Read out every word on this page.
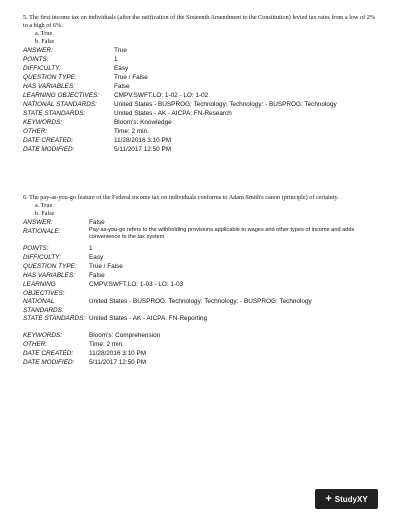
5. The first income tax on individuals (after the ratification of the Sixteenth Amendment to the Constitution) levied tax rates from a low of 2% to a high of 6%.

a. True
b. False
ANSWER:	True
POINTS:	1
DIFFICULTY:	Easy
QUESTION TYPE:	True / False
HAS VARIABLES:	False
LEARNING OBJECTIVES: CMPV.SWFT.LO: 1-02 - LO: 1-02
NATIONAL STANDARDS:	United States - BUSPROG: Technology: Technology: - BUSPROG: Technology
STATE STANDARDS:	United States - AK - AICPA: FN-Research
KEYWORDS:	Bloom's: Knowledge
OTHER:	Time: 2 min.
DATE CREATED:	11/28/2016 3:10 PM
DATE MODIFIED:	5/11/2017 12:50 PM

6. The pay-as-you-go feature of the Federal income tax on individuals conforms to Adam Smith's canon (principle) of certainty.

a. True
b. False
ANSWER:	False
RATIONALE:	Pay-as-you-go refers to the withholding provisions applicable to wages and other types of income and adds convenience to the tax system.
POINTS:	1
DIFFICULTY:	Easy
QUESTION TYPE:	True / False
HAS VARIABLES:	False
LEARNING OBJECTIVES:
CMPV.SWFT.LO: 1-03 - LO: 1-03
NATIONAL STANDARDS:
United States - BUSPROG: Technology: Technology: - BUSPROG: Technology
STATE STANDARDS: United States - AK - AICPA: FN-Reporting
KEYWORDS:	Bloom's: Comprehension
OTHER:	Time: 2 min.
DATE CREATED:	11/28/2016 3:10 PM
DATE MODIFIED:	5/11/2017 12:50 PM
+ StudyXY
